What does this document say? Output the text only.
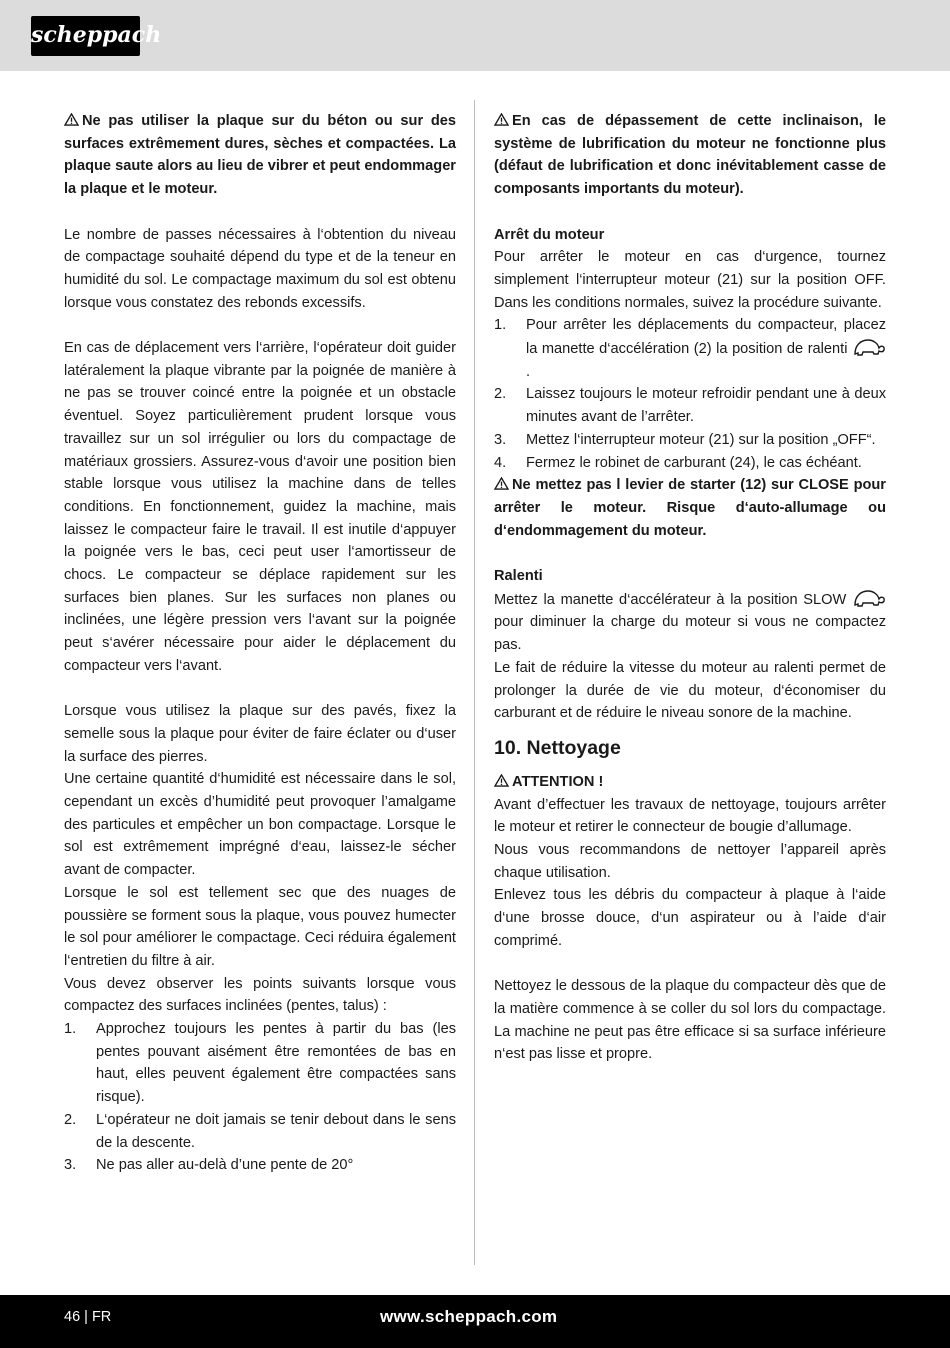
scheppach

Ne pas utiliser la plaque sur du béton ou sur des surfaces extrêmement dures, sèches et compactées. La plaque saute alors au lieu de vibrer et peut endommager la plaque et le moteur.

Le nombre de passes nécessaires à l‘obtention du niveau de compactage souhaité dépend du type et de la teneur en humidité du sol. Le compactage maximum du sol est obtenu lorsque vous constatez des rebonds excessifs.

En cas de déplacement vers l‘arrière, l‘opérateur doit guider latéralement la plaque vibrante par la poignée de manière à ne pas se trouver coincé entre la poignée et un obstacle éventuel. Soyez particulièrement prudent lorsque vous travaillez sur un sol irrégulier ou lors du compactage de matériaux grossiers. Assurez-vous d‘avoir une position bien stable lorsque vous utilisez la machine dans de telles conditions. En fonctionnement, guidez la machine, mais laissez le compacteur faire le travail. Il est inutile d‘appuyer la poignée vers le bas, ceci peut user l‘amortisseur de chocs. Le compacteur se déplace rapidement sur les surfaces bien planes. Sur les surfaces non planes ou inclinées, une légère pression vers l‘avant sur la poignée peut s‘avérer nécessaire pour aider le déplacement du compacteur vers l‘avant.

Lorsque vous utilisez la plaque sur des pavés, fixez la semelle sous la plaque pour éviter de faire éclater ou d‘user la surface des pierres.

Une certaine quantité d‘humidité est nécessaire dans le sol, cependant un excès d’humidité peut provoquer l’amalgame des particules et empêcher un bon compactage. Lorsque le sol est extrêmement imprégné d‘eau, laissez-le sécher avant de compacter.

Lorsque le sol est tellement sec que des nuages de poussière se forment sous la plaque, vous pouvez humecter le sol pour améliorer le compactage. Ceci réduira également l‘entretien du filtre à air.

Vous devez observer les points suivants lorsque vous compactez des surfaces inclinées (pentes, talus) :

1. Approchez toujours les pentes à partir du bas (les pentes pouvant aisément être remontées de bas en haut, elles peuvent également être compactées sans risque).
2. L‘opérateur ne doit jamais se tenir debout dans le sens de la descente.
3. Ne pas aller au-delà d’une pente de 20°

En cas de dépassement de cette inclinaison, le système de lubrification du moteur ne fonctionne plus (défaut de lubrification et donc inévitablement casse de composants importants du moteur).

Arrêt du moteur

Pour arrêter le moteur en cas d‘urgence, tournez simplement l‘interrupteur moteur (21) sur la position OFF. Dans les conditions normales, suivez la procédure suivante.

1. Pour arrêter les déplacements du compacteur, placez la manette d‘accélération (2) la position de ralenti .
2. Laissez toujours le moteur refroidir pendant une à deux minutes avant de l’arrêter.
3. Mettez l‘interrupteur moteur (21) sur la position „OFF“.
4. Fermez le robinet de carburant (24), le cas échéant.

Ne mettez pas l levier de starter (12) sur CLOSE pour arrêter le moteur. Risque d‘auto-allumage ou d‘endommagement du moteur.

Ralenti

Mettez la manette d‘accélérateur à la position SLOW  pour diminuer la charge du moteur si vous ne compactez pas.

Le fait de réduire la vitesse du moteur au ralenti permet de prolonger la durée de vie du moteur, d‘économiser du carburant et de réduire le niveau sonore de la machine.

10. Nettoyage

ATTENTION !

Avant d’effectuer les travaux de nettoyage, toujours arrêter le moteur et retirer le connecteur de bougie d’allumage.

Nous vous recommandons de nettoyer l’appareil après chaque utilisation.

Enlevez tous les débris du compacteur à plaque à l‘aide d‘une brosse douce, d‘un aspirateur ou à l’aide d‘air comprimé.

Nettoyez le dessous de la plaque du compacteur dès que de la matière commence à se coller du sol lors du compactage. La machine ne peut pas être efficace si sa surface inférieure n‘est pas lisse et propre.

46 | FR	www.scheppach.com
